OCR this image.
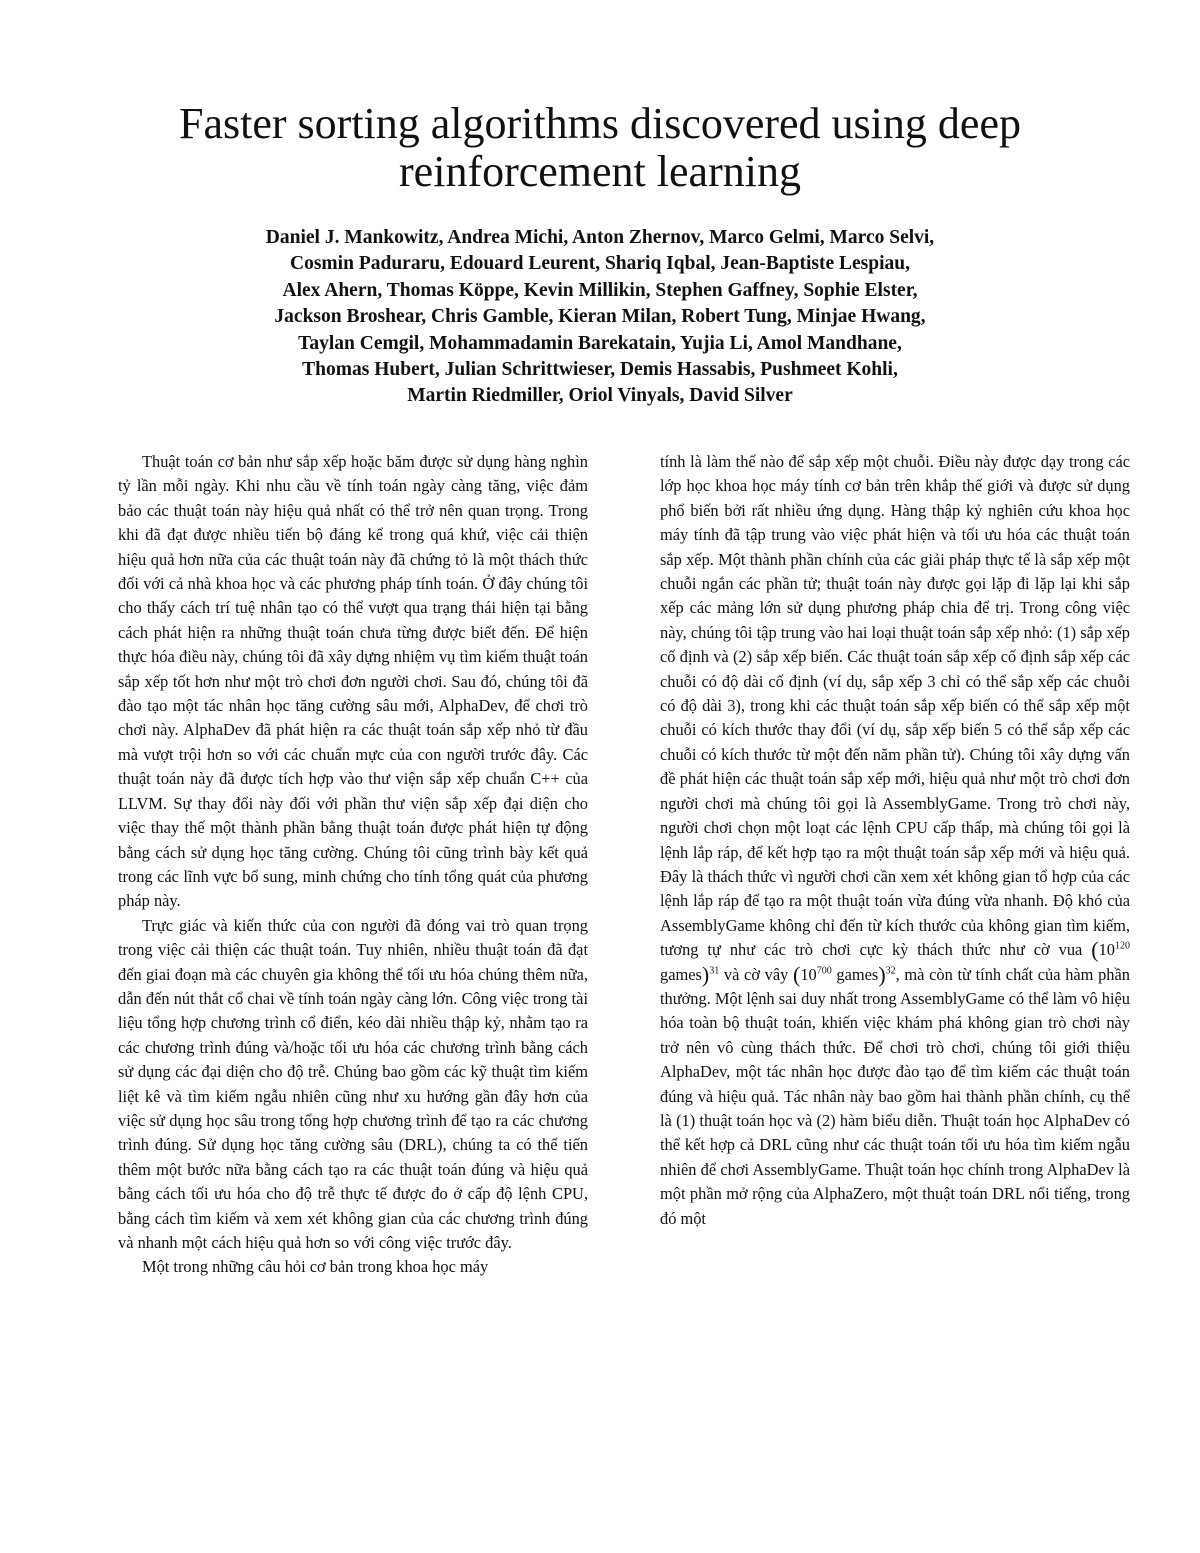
Faster sorting algorithms discovered using deep reinforcement learning
Daniel J. Mankowitz, Andrea Michi, Anton Zhernov, Marco Gelmi, Marco Selvi,
Cosmin Paduraru, Edouard Leurent, Shariq Iqbal, Jean-Baptiste Lespiau,
Alex Ahern, Thomas Köppe, Kevin Millikin, Stephen Gaffney, Sophie Elster,
Jackson Broshear, Chris Gamble, Kieran Milan, Robert Tung, Minjae Hwang,
Taylan Cemgil, Mohammadamin Barekatain, Yujia Li, Amol Mandhane,
Thomas Hubert, Julian Schrittwieser, Demis Hassabis, Pushmeet Kohli,
Martin Riedmiller, Oriol Vinyals, David Silver

Thuật toán cơ bản như sắp xếp hoặc băm được sử dụng hàng nghìn tỷ lần mỗi ngày. Khi nhu cầu về tính toán ngày càng tăng, việc đảm bảo các thuật toán này hiệu quả nhất có thể trở nên quan trọng. Trong khi đã đạt được nhiều tiến bộ đáng kể trong quá khứ, việc cải thiện hiệu quả hơn nữa của các thuật toán này đã chứng tỏ là một thách thức đối với cả nhà khoa học và các phương pháp tính toán. Ở đây chúng tôi cho thấy cách trí tuệ nhân tạo có thể vượt qua trạng thái hiện tại bằng cách phát hiện ra những thuật toán chưa từng được biết đến. Để hiện thực hóa điều này, chúng tôi đã xây dựng nhiệm vụ tìm kiếm thuật toán sắp xếp tốt hơn như một trò chơi đơn người chơi. Sau đó, chúng tôi đã đào tạo một tác nhân học tăng cường sâu mới, AlphaDev, để chơi trò chơi này. AlphaDev đã phát hiện ra các thuật toán sắp xếp nhỏ từ đầu mà vượt trội hơn so với các chuẩn mực của con người trước đây. Các thuật toán này đã được tích hợp vào thư viện sắp xếp chuẩn C++ của LLVM. Sự thay đổi này đối với phần thư viện sắp xếp đại diện cho việc thay thế một thành phần bằng thuật toán được phát hiện tự động bằng cách sử dụng học tăng cường. Chúng tôi cũng trình bày kết quả trong các lĩnh vực bổ sung, minh chứng cho tính tổng quát của phương pháp này.

Trực giác và kiến thức của con người đã đóng vai trò quan trọng trong việc cải thiện các thuật toán. Tuy nhiên, nhiều thuật toán đã đạt đến giai đoạn mà các chuyên gia không thể tối ưu hóa chúng thêm nữa, dẫn đến nút thắt cổ chai về tính toán ngày càng lớn. Công việc trong tài liệu tổng hợp chương trình cổ điển, kéo dài nhiều thập kỷ, nhằm tạo ra các chương trình đúng và/hoặc tối ưu hóa các chương trình bằng cách sử dụng các đại diện cho độ trễ. Chúng bao gồm các kỹ thuật tìm kiếm liệt kê và tìm kiếm ngẫu nhiên cũng như xu hướng gần đây hơn của việc sử dụng học sâu trong tổng hợp chương trình để tạo ra các chương trình đúng. Sử dụng học tăng cường sâu (DRL), chúng ta có thể tiến thêm một bước nữa bằng cách tạo ra các thuật toán đúng và hiệu quả bằng cách tối ưu hóa cho độ trễ thực tế được đo ở cấp độ lệnh CPU, bằng cách tìm kiếm và xem xét không gian của các chương trình đúng và nhanh một cách hiệu quả hơn so với công việc trước đây.

Một trong những câu hỏi cơ bản trong khoa học máy

tính là làm thế nào để sắp xếp một chuỗi. Điều này được dạy trong các lớp học khoa học máy tính cơ bản trên khắp thế giới và được sử dụng phổ biến bởi rất nhiều ứng dụng. Hàng thập kỷ nghiên cứu khoa học máy tính đã tập trung vào việc phát hiện và tối ưu hóa các thuật toán sắp xếp. Một thành phần chính của các giải pháp thực tế là sắp xếp một chuỗi ngắn các phần tử; thuật toán này được gọi lặp đi lặp lại khi sắp xếp các mảng lớn sử dụng phương pháp chia để trị. Trong công việc này, chúng tôi tập trung vào hai loại thuật toán sắp xếp nhỏ: (1) sắp xếp cố định và (2) sắp xếp biến. Các thuật toán sắp xếp cố định sắp xếp các chuỗi có độ dài cố định (ví dụ, sắp xếp 3 chỉ có thể sắp xếp các chuỗi có độ dài 3), trong khi các thuật toán sắp xếp biến có thể sắp xếp một chuỗi có kích thước thay đổi (ví dụ, sắp xếp biến 5 có thể sắp xếp các chuỗi có kích thước từ một đến năm phần tử). Chúng tôi xây dựng vấn đề phát hiện các thuật toán sắp xếp mới, hiệu quả như một trò chơi đơn người chơi mà chúng tôi gọi là AssemblyGame. Trong trò chơi này, người chơi chọn một loạt các lệnh CPU cấp thấp, mà chúng tôi gọi là lệnh lắp ráp, để kết hợp tạo ra một thuật toán sắp xếp mới và hiệu quả. Đây là thách thức vì người chơi cần xem xét không gian tổ hợp của các lệnh lắp ráp để tạo ra một thuật toán vừa đúng vừa nhanh. Độ khó của AssemblyGame không chỉ đến từ kích thước của không gian tìm kiếm, tương tự như các trò chơi cực kỳ thách thức như cờ vua ($10^{120}$ games)$^{31}$ và cờ vây ($10^{700}$ games)$^{32}$, mà còn từ tính chất của hàm phần thưởng. Một lệnh sai duy nhất trong AssemblyGame có thể làm vô hiệu hóa toàn bộ thuật toán, khiến việc khám phá không gian trò chơi này trở nên vô cùng thách thức. Để chơi trò chơi, chúng tôi giới thiệu AlphaDev, một tác nhân học được đào tạo để tìm kiếm các thuật toán đúng và hiệu quả. Tác nhân này bao gồm hai thành phần chính, cụ thể là (1) thuật toán học và (2) hàm biểu diễn. Thuật toán học AlphaDev có thể kết hợp cả DRL cũng như các thuật toán tối ưu hóa tìm kiếm ngẫu nhiên để chơi AssemblyGame. Thuật toán học chính trong AlphaDev là một phần mở rộng của AlphaZero, một thuật toán DRL nổi tiếng, trong đó một
